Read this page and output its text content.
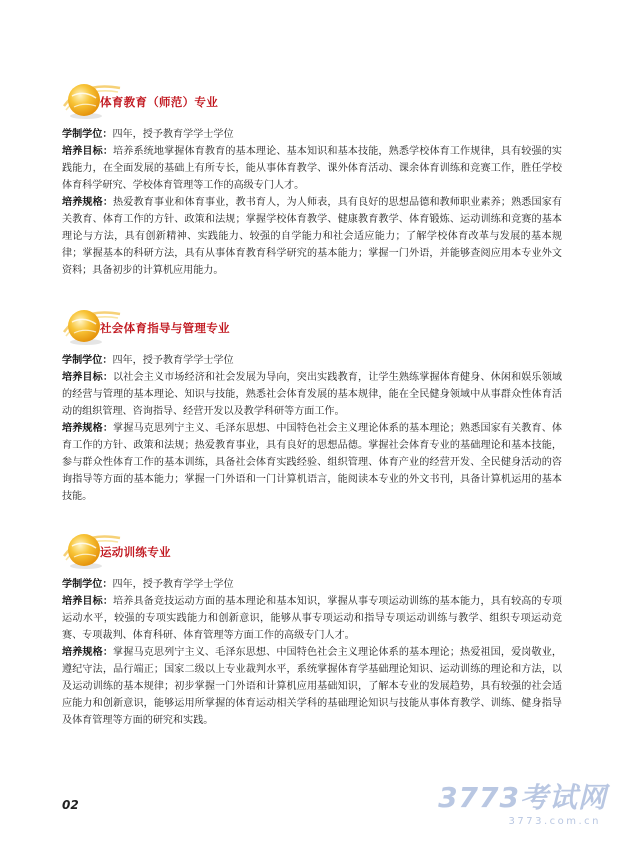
体育教育（师范）专业

学制学位：四年，授予教育学学士学位

培养目标：培养系统地掌握体育教育的基本理论、基本知识和基本技能，熟悉学校体育工作规律，具有较强的实践能力，在全面发展的基础上有所专长，能从事体育教学、课外体育活动、课余体育训练和竞赛工作，胜任学校体育科学研究、学校体育管理等工作的高级专门人才。

培养规格：热爱教育事业和体育事业，教书育人，为人师表，具有良好的思想品德和教师职业素养；熟悉国家有关教育、体育工作的方针、政策和法规；掌握学校体育教学、健康教育教学、体育锻炼、运动训练和竞赛的基本理论与方法，具有创新精神、实践能力、较强的自学能力和社会适应能力；了解学校体育改革与发展的基本规律；掌握基本的科研方法，具有从事体育教育科学研究的基本能力；掌握一门外语，并能够查阅应用本专业外文资料；具备初步的计算机应用能力。

社会体育指导与管理专业

学制学位：四年，授予教育学学士学位

培养目标：以社会主义市场经济和社会发展为导向，突出实践教育，让学生熟练掌握体育健身、休闲和娱乐领域的经营与管理的基本理论、知识与技能，熟悉社会体育发展的基本规律，能在全民健身领域中从事群众性体育活动的组织管理、咨询指导、经营开发以及教学科研等方面工作。

培养规格：掌握马克思列宁主义、毛泽东思想、中国特色社会主义理论体系的基本理论；熟悉国家有关教育、体育工作的方针、政策和法规；热爱教育事业，具有良好的思想品德。掌握社会体育专业的基础理论和基本技能，参与群众性体育工作的基本训练，具备社会体育实践经验、组织管理、体育产业的经营开发、全民健身活动的咨询指导等方面的基本能力；掌握一门外语和一门计算机语言，能阅读本专业的外文书刊，具备计算机运用的基本技能。

运动训练专业

学制学位：四年，授予教育学学士学位

培养目标：培养具备竞技运动方面的基本理论和基本知识，掌握从事专项运动训练的基本能力，具有较高的专项运动水平，较强的专项实践能力和创新意识，能够从事专项运动和指导专项运动训练与教学、组织专项运动竞赛、专项裁判、体育科研、体育管理等方面工作的高级专门人才。

培养规格：掌握马克思列宁主义、毛泽东思想、中国特色社会主义理论体系的基本理论；热爱祖国，爱岗敬业，遵纪守法，品行端正；国家二级以上专业裁判水平，系统掌握体育学基础理论知识、运动训练的理论和方法，以及运动训练的基本规律；初步掌握一门外语和计算机应用基础知识，了解本专业的发展趋势，具有较强的社会适应能力和创新意识，能够运用所掌握的体育运动相关学科的基础理论知识与技能从事体育教学、训练、健身指导及体育管理等方面的研究和实践。

02	3773考试网
3773.com.cn
